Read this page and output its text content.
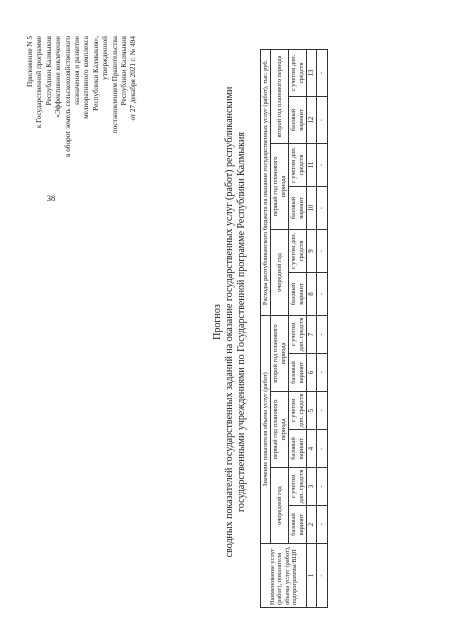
Приложение N 5 к Государственной программе Республики Калмыкия «Эффективное вовлечение в оборот земель сельскохозяйственного назначения и развитие мелиоративного комплекса Республики Калмыкия», утвержденной постановлением Правительства Республики Калмыкия от 27 декабря 2021 г. № 494
Прогноз сводных показателей государственных заданий на оказание государственных услуг (работ) республиканскими государственными учреждениями по Государственной программе Республики Калмыкия
Наименование услуг (работ), показателя объема услуг (работ), подпрограммы/ВЦП	Значение показателя объема услуг (работ)						Расходы республиканского бюджета на оказание государственных услуг (работ), тыс. руб.					
	очередной год		первый год планового периода		второй год планового периода		очередной год		первый год планового периода		второй год планового периода	
	базовый вариант	с учетом доп. средств	базовый вариант	с учетом доп. средств	базовый вариант	с учетом доп. средств	базовый вариант	с учетом доп. средств	базовый вариант	с учетом доп. средств	базовый вариант	с учетом доп. средств
1	2	3	4	5	6	7	8	9	10	11	12	13
-	-	-	-	-	-	-	-	-	-	-	-	-
38
